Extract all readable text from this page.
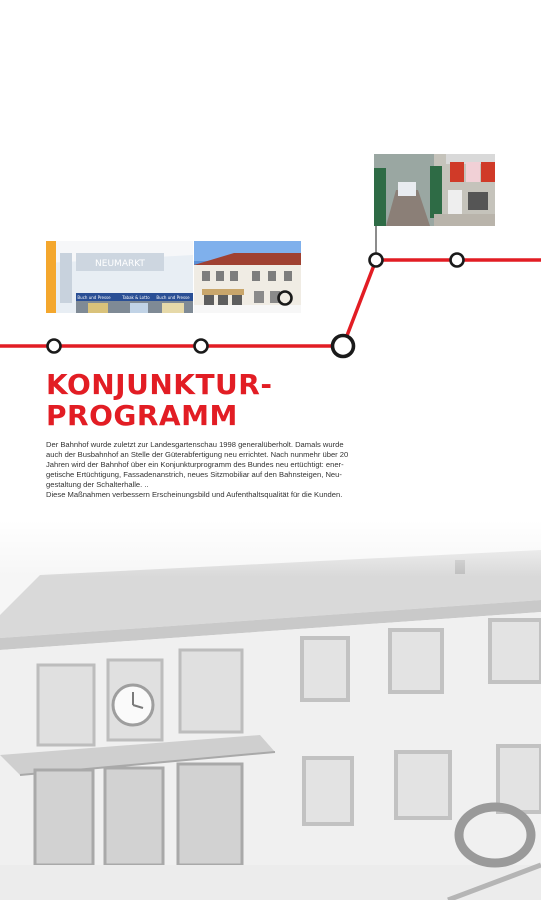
NEUMARKT
Buch und Presse	Tabak & Lotto Buch und Presse
KONJUNKTUR-
PROGRAMM

Der Bahnhof wurde zuletzt zur Landesgartenschau 1998 generalüberholt. Damals wurde
auch der Busbahnhof an Stelle der Güterabfertigung neu errichtet. Nach nunmehr über 20
Jahren wird der Bahnhof über ein Konjunkturprogramm des Bundes neu ertüchtigt: ener-
getische Ertüchtigung, Fassadenanstrich, neues Sitzmobiliar auf den Bahnsteigen, Neu-
gestaltung der Schalterhalle. ..
Diese Maßnahmen verbessern Erscheinungsbild und Aufenthaltsqualität für die Kunden.
